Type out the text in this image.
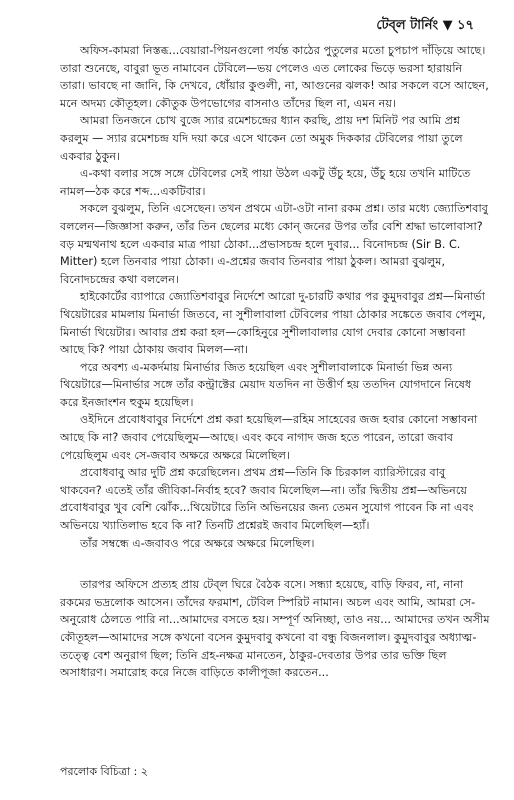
টেব্‌ল টার্নিং ▼ ১৭

অফিস-কামরা নিস্তব্ধ...বেয়ারা-পিয়নগুলো পর্যন্ত কাঠের পুতুলের মতো চুপচাপ দাঁড়িয়ে আছে। তারা শুনেছে, বাবুরা ভূত নামাবেন টেবিলে—ভয় পেলেও এত লোকের ভিড়ে ভরসা হারায়নি তারা। ভাবছে না জানি, কি দেখবে, ধোঁয়ার কুণ্ডলী, না, আগুনের ঝলক! আর সকলে বসে আছেন, মনে অদম্য কৌতূহল। কৌতুক উপভোগের বাসনাও তাঁদের ছিল না, এমন নয়।

আমরা তিনজনে চোখ বুজে স্যার রমেশচন্দ্রের ধ্যান করছি, প্রায় দশ মিনিট পর আমি প্রশ্ন করলুম — স্যার রমেশচন্দ্র যদি দয়া করে এসে থাকেন তো অমুক দিককার টেবিলের পায়া তুলে একবার ঠুকুন।

এ-কথা বলার সঙ্গে সঙ্গে টেবিলের সেই পায়া উঠল একটু উঁচু হয়ে, উঁচু হয়ে তখনি মাটিতে নামল—ঠক করে শব্দ...একটিবার।

সকলে বুঝলুম, তিনি এসেছেন। তখন প্রথমে এটা-ওটা নানা রকম প্রশ্ন। তার মধ্যে জ্যোতিশবাবু বললেন—জিজ্ঞাসা করুন, তাঁর তিন ছেলের মধ্যে কোন্ জনের উপর তাঁর বেশি শ্রদ্ধা ভালোবাসা? বড় মন্মথনাথ হলে একবার মাত্র পায়া ঠোকা...প্রভাসচন্দ্র হলে দুবার... বিনোদচন্দ্র (Sir B. C. Mitter) হলে তিনবার পায়া ঠোকা। এ-প্রশ্নের জবাব তিনবার পায়া ঠুকল। আমরা বুঝলুম, বিনোদচন্দ্রের কথা বললেন।

হাইকোর্টের ব্যাপারে জ্যোতিশবাবুর নির্দেশে আরো দু-চারটি কথার পর কুমুদবাবুর প্রশ্ন—মিনার্ভা থিয়েটারের মামলায় মিনার্ভা জিতবে, না সুশীলাবালা টেবিলের পায়া ঠোকার সঙ্কেতে জবাব পেলুম, মিনার্ভা থিয়েটার। আবার প্রশ্ন করা হল—কোহিনুরে সুশীলাবালার যোগ দেবার কোনো সম্ভাবনা আছে কি? পায়া ঠোকায় জবাব মিলল—না।

পরে অবশ্য এ-মকর্দমায় মিনার্ভার জিত হয়েছিল এবং সুশীলাবালাকে মিনার্ভা ভিন্ন অন্য থিয়েটারে—মিনার্ভার সঙ্গে তাঁর কন্ট্রাক্টের মেয়াদ যতদিন না উত্তীর্ণ হয় ততদিন যোগদানে নিষেধ করে ইনজাংশন হুকুম হয়েছিল।

ওইদিনে প্রবোধবাবুর নির্দেশে প্রশ্ন করা হয়েছিল—রহিম সাহেবের জজ হবার কোনো সম্ভাবনা আছে কি না? জবাব পেয়েছিলুম—আছে। এবং কবে নাগাদ জজ হতে পারেন, তারো জবাব পেয়েছিলুম এবং সে-জবাব অক্ষরে অক্ষরে মিলেছিল।

প্রবোধবাবু আর দুটি প্রশ্ন করেছিলেন। প্রথম প্রশ্ন—তিনি কি চিরকাল ব্যারিস্টারের বাবু থাকবেন? এতেই তাঁর জীবিকা-নির্বাহ হবে? জবাব মিলেছিল—না। তাঁর দ্বিতীয় প্রশ্ন—অভিনয়ে প্রবোধবাবুর খুব বেশি ঝোঁক...থিয়েটারে তিনি অভিনয়ের জন্য তেমন সুযোগ পাবেন কি না এবং অভিনয়ে খ্যাতিলাভ হবে কি না? তিনটি প্রশ্নেরই জবাব মিলেছিল—হ্যাঁ।

তাঁর সম্বন্ধে এ-জবাবও পরে অক্ষরে অক্ষরে মিলেছিল।

তারপর অফিসে প্রত্যহ প্রায় টেব্‌ল ঘিরে বৈঠক বসে। সন্ধ্যা হয়েছে, বাড়ি ফিরব, না, নানা রকমের ভদ্রলোক আসেন। তাঁদের ফরমাশ, টেবিল স্পিরিট নামান। অচল এবং আমি, আমরা সে-অনুরোধ ঠেলতে পারি না...আমাদের বসতে হয়। সম্পূর্ণ অনিচ্ছা, তাও নয়... আমাদের তখন অসীম কৌতূহল—আমাদের সঙ্গে কখনো বসেন কুমুদবাবু কখনো বা বন্ধু বিজনলাল। কুমুদবাবুর অধ্যাত্ম-তত্ত্বে বেশ অনুরাগ ছিল; তিনি গ্রহ-নক্ষত্র মানতেন, ঠাকুর-দেবতার উপর তার ভক্তি ছিল অসাধারণ। সমারোহ করে নিজে বাড়িতে কালীপূজা করতেন...

পরলোক বিচিত্রা : ২
